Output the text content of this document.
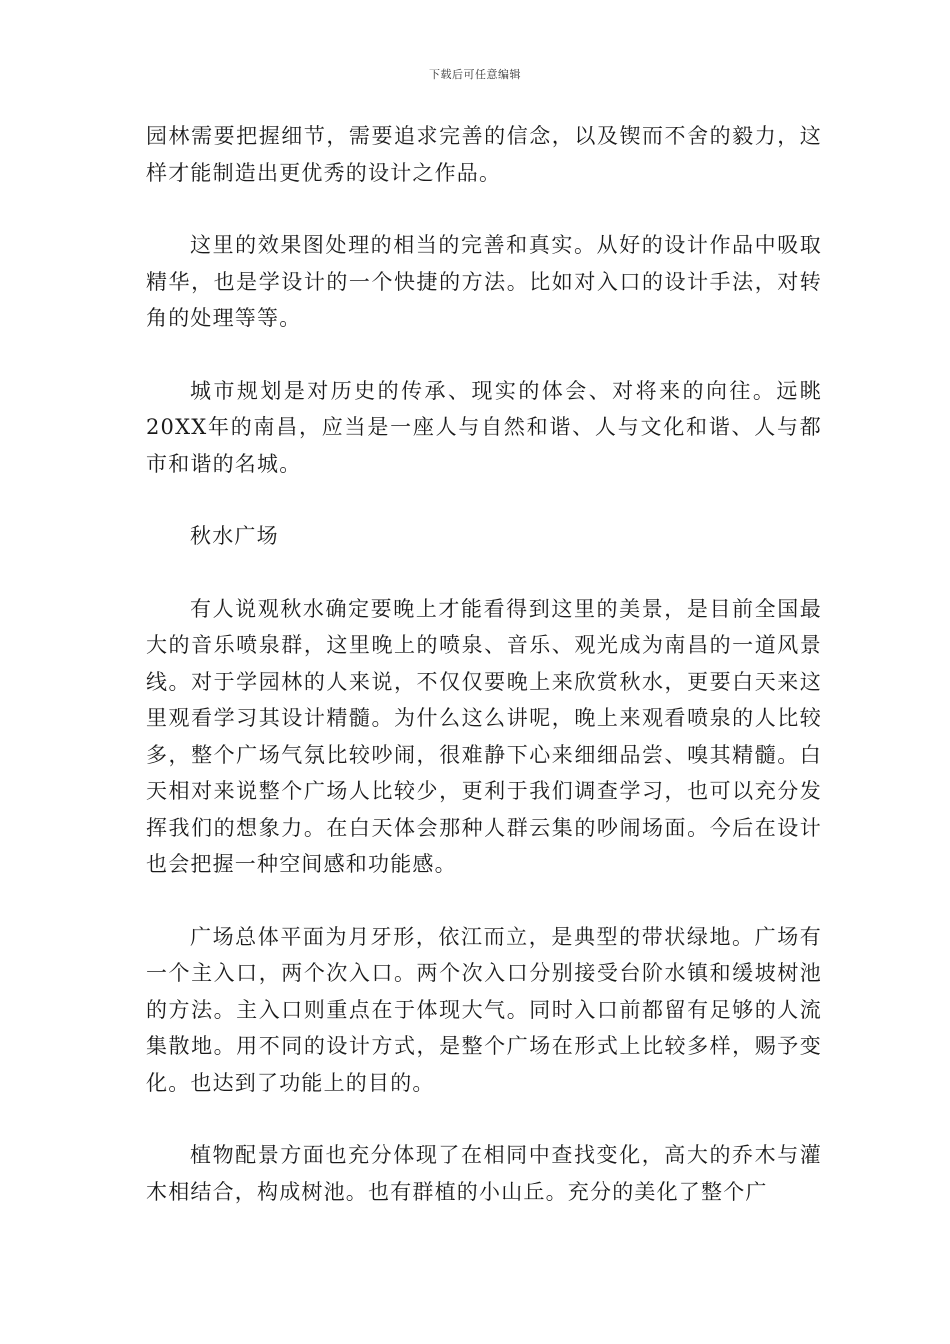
下载后可任意编辑

园林需要把握细节，需要追求完善的信念，以及锲而不舍的毅力，这样才能制造出更优秀的设计之作品。

这里的效果图处理的相当的完善和真实。从好的设计作品中吸取精华，也是学设计的一个快捷的方法。比如对入口的设计手法，对转角的处理等等。

城市规划是对历史的传承、现实的体会、对将来的向往。远眺20XX年的南昌，应当是一座人与自然和谐、人与文化和谐、人与都市和谐的名城。

秋水广场

有人说观秋水确定要晚上才能看得到这里的美景，是目前全国最大的音乐喷泉群，这里晚上的喷泉、音乐、观光成为南昌的一道风景线。对于学园林的人来说，不仅仅要晚上来欣赏秋水，更要白天来这里观看学习其设计精髓。为什么这么讲呢，晚上来观看喷泉的人比较多，整个广场气氛比较吵闹，很难静下心来细细品尝、嗅其精髓。白天相对来说整个广场人比较少，更利于我们调查学习，也可以充分发挥我们的想象力。在白天体会那种人群云集的吵闹场面。今后在设计也会把握一种空间感和功能感。

广场总体平面为月牙形，依江而立，是典型的带状绿地。广场有一个主入口，两个次入口。两个次入口分别接受台阶水镇和缓坡树池的方法。主入口则重点在于体现大气。同时入口前都留有足够的人流集散地。用不同的设计方式，是整个广场在形式上比较多样，赐予变化。也达到了功能上的目的。

植物配景方面也充分体现了在相同中查找变化，高大的乔木与灌木相结合，构成树池。也有群植的小山丘。充分的美化了整个广
